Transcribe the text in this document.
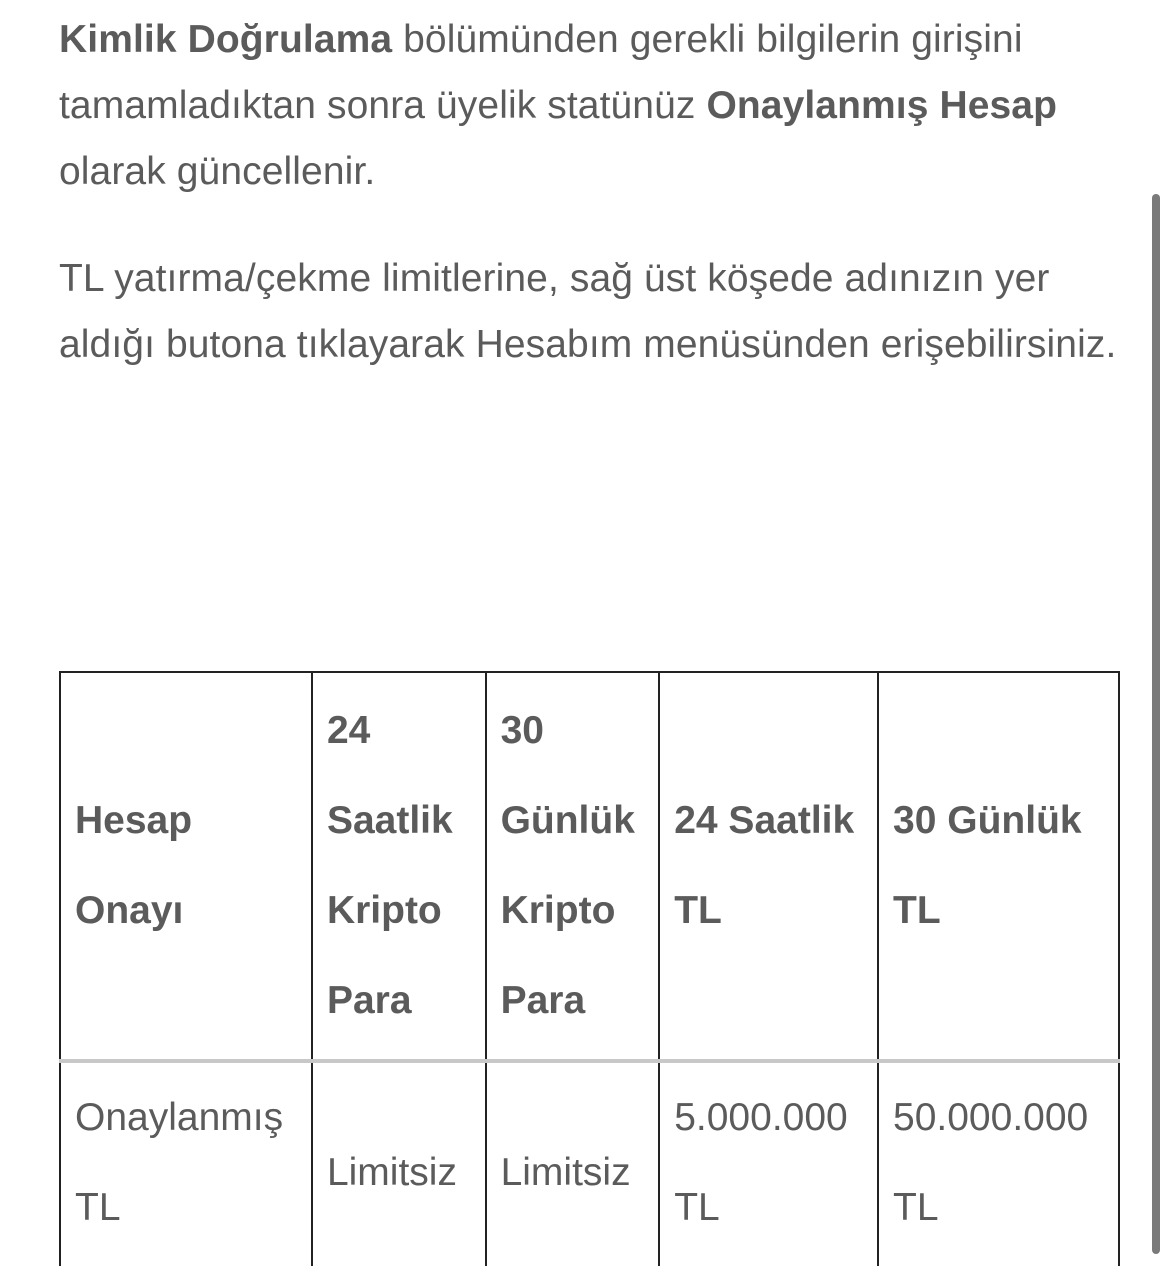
Kimlik Doğrulama bölümünden gerekli bilgilerin girişini tamamladıktan sonra üyelik statünüz Onaylanmış Hesap olarak güncellenir.

TL yatırma/çekme limitlerine, sağ üst köşede adınızın yer aldığı butona tıklayarak Hesabım menüsünden erişebilirsiniz.

Hesap Onayı	24 Saatlik Kripto Para	30 Günlük Kripto Para	24 Saatlik TL	30 Günlük TL
Onaylanmış TL	Limitsiz	Limitsiz	5.000.000 TL	50.000.000 TL
